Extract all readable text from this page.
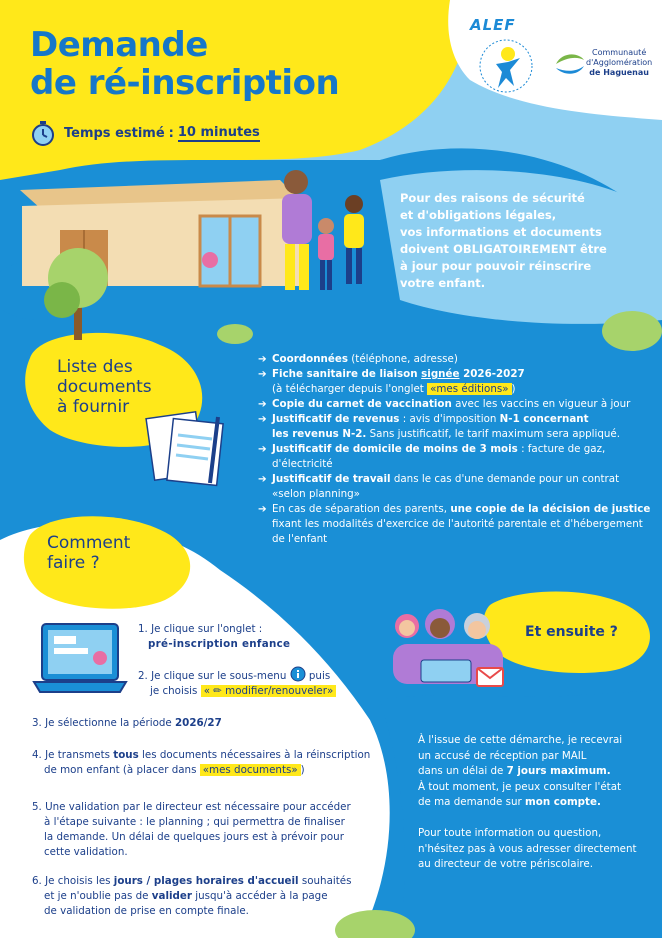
Demande
de ré-inscription
Temps estimé : 10 minutes
ALEF
Communauté
d'Agglomération
de Haguenau
Pour des raisons de sécurité
et d'obligations légales,
vos informations et documents
doivent OBLIGATOIREMENT être
à jour pour pouvoir réinscrire
votre enfant.
Liste des
documents
à fournir
➔ Coordonnées (téléphone, adresse)
➔ Fiche sanitaire de liaison signée 2026-2027
(à télécharger depuis l'onglet «mes éditions» )
➔ Copie du carnet de vaccination avec les vaccins en vigueur à jour
➔ Justificatif de revenus : avis d'imposition N-1 concernant
les revenus N-2. Sans justificatif, le tarif maximum sera appliqué.
➔ Justificatif de domicile de moins de 3 mois : facture de gaz, d'électricité
➔ Justificatif de travail dans le cas d'une demande pour un contrat
«selon planning»
➔ En cas de séparation des parents, une copie de la décision de justice
fixant les modalités d'exercice de l'autorité parentale et d'hébergement
de l'enfant
Comment
faire ?
1. Je clique sur l'onglet :
pré-inscription enfance
2. Je clique sur le sous-menu  puis
je choisis « ✏ modifier/renouveler»
3. Je sélectionne la période 2026/27
4. Je transmets tous les documents nécessaires à la réinscription
de mon enfant (à placer dans «mes documents» )
5. Une validation par le directeur est nécessaire pour accéder
à l'étape suivante : le planning ; qui permettra de finaliser
la demande. Un délai de quelques jours est à prévoir pour
cette validation.
6. Je choisis les jours / plages horaires d'accueil souhaités
et je n'oublie pas de valider jusqu'à accéder à la page
de validation de prise en compte finale.
Et ensuite ?
À l'issue de cette démarche, je recevrai
un accusé de réception par MAIL
dans un délai de 7 jours maximum.
À tout moment, je peux consulter l'état
de ma demande sur mon compte.
Pour toute information ou question,
n'hésitez pas à vous adresser directement
au directeur de votre périscolaire.
